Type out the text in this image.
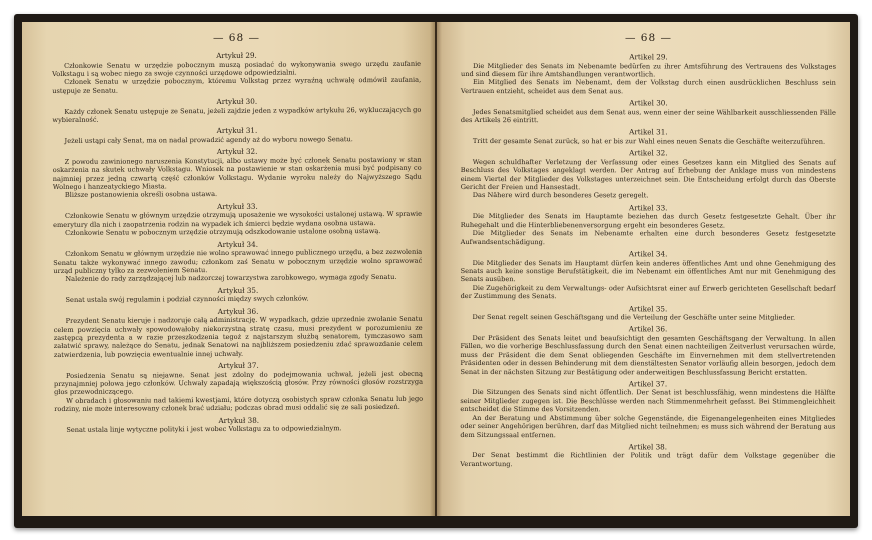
— 68 —
Artykuł 29.

Członkowie Senatu w urzędzie pobocznym muszą posiadać do wykonywania swego urzędu zaufanie Volkstagu i są wobec niego za swoje czynności urzędowe odpowiedzialni.

Członek Senatu w urzędzie pobocznym, któremu Volkstag przez wyraźną uchwałę odmówił zaufania, ustępuje ze Senatu.

Artykuł 30.

Każdy członek Senatu ustępuje ze Senatu, jeżeli zajdzie jeden z wypadków artykułu 26, wykluczających go wybieralność.

Artykuł 31.

Jeżeli ustąpi cały Senat, ma on nadal prowadzić agendy aż do wyboru nowego Senatu.

Artykuł 32.

Z powodu zawinionego naruszenia Konstytucji, albo ustawy może być członek Senatu postawiony w stan oskarżenia na skutek uchwały Volkstagu. Wniosek na postawienie w stan oskarżenia musi być podpisany co najmniej przez jedną czwartą część członków Volkstagu. Wydanie wyroku należy do Najwyższego Sądu Wolnego i hanzeatyckiego Miasta.

Bliższe postanowienia określi osobna ustawa.

Artykuł 33.

Członkowie Senatu w głównym urzędzie otrzymują uposażenie we wysokości ustalonej ustawą. W sprawie emerytury dla nich i zaopatrzenia rodzin na wypadek ich śmierci będzie wydana osobna ustawa.

Członkowie Senatu w pobocznym urzędzie otrzymują odszkodowanie ustalone osobną ustawą.

Artykuł 34.

Członkom Senatu w głównym urzędzie nie wolno sprawować innego publicznego urzędu, a bez zezwolenia Senatu także wykonywać innego zawodu; członkom zaś Senatu w pobocznym urzędzie wolno sprawować urząd publiczny tylko za zezwoleniem Senatu.

Należenie do rady zarządzającej lub nadzorczej towarzystwa zarobkowego, wymaga zgody Senatu.

Artykuł 35.

Senat ustala swój regulamin i podział czynności między swych członków.

Artykuł 36.

Prezydent Senatu kieruje i nadzoruje całą administrację. W wypadkach, gdzie uprzednie zwołanie Senatu celem powzięcia uchwały spowodowałoby niekorzystną stratę czasu, musi prezydent w porozumieniu ze zastępcą prezydenta a w razie przeszkodzenia tegoż z najstarszym służbą senatorem, tymczasowo sam załatwić sprawy, należące do Senatu, jednak Senatowi na najbliższem posiedzeniu zdać sprawozdanie celem zatwierdzenia, lub powzięcia ewentualnie innej uchwały.

Artykuł 37.

Posiedzenia Senatu są niejawne. Senat jest zdolny do podejmowania uchwał, jeżeli jest obecną przynajmniej połowa jego członków. Uchwały zapadają większością głosów. Przy równości głosów rozstrzyga głos przewodniczącego.

W obradach i głosowaniu nad takiemi kwestjami, które dotyczą osobistych spraw członka Senatu lub jego rodziny, nie może interesowany członek brać udziału; podczas obrad musi oddalić się ze sali posiedzeń.

Artykuł 38.

Senat ustala linje wytyczne polityki i jest wobec Volkstagu za to odpowiedzialnym.

— 68 —
Artikel 29.

Die Mitglieder des Senats im Nebenamte bedürfen zu ihrer Amtsführung des Vertrauens des Volkstages und sind diesem für ihre Amtshandlungen verantwortlich.

Ein Mitglied des Senats im Nebenamt, dem der Volkstag durch einen ausdrücklichen Beschluss sein Vertrauen entzieht, scheidet aus dem Senat aus.

Artikel 30.

Jedes Senatsmitglied scheidet aus dem Senat aus, wenn einer der seine Wählbarkeit ausschliessenden Fälle des Artikels 26 eintritt.

Artikel 31.

Tritt der gesamte Senat zurück, so hat er bis zur Wahl eines neuen Senats die Geschäfte weiterzuführen.

Artikel 32.

Wegen schuldhafter Verletzung der Verfassung oder eines Gesetzes kann ein Mitglied des Senats auf Beschluss des Volkstages angeklagt werden. Der Antrag auf Erhebung der Anklage muss von mindestens einem Viertel der Mitglieder des Volkstages unterzeichnet sein. Die Entscheidung erfolgt durch das Oberste Gericht der Freien und Hansestadt.

Das Nähere wird durch besonderes Gesetz geregelt.

Artikel 33.

Die Mitglieder des Senats im Hauptamte beziehen das durch Gesetz festgesetzte Gehalt. Über ihr Ruhegehalt und die Hinterbliebenenversorgung ergeht ein besonderes Gesetz.

Die Mitglieder des Senats im Nebenamte erhalten eine durch besonderes Gesetz festgesetzte Aufwandsentschädigung.

Artikel 34.

Die Mitglieder des Senats im Hauptamt dürfen kein anderes öffentliches Amt und ohne Genehmigung des Senats auch keine sonstige Berufstätigkeit, die im Nebenamt ein öffentliches Amt nur mit Genehmigung des Senats ausüben.

Die Zugehörigkeit zu dem Verwaltungs- oder Aufsichtsrat einer auf Erwerb gerichteten Gesellschaft bedarf der Zustimmung des Senats.

Artikel 35.

Der Senat regelt seinen Geschäftsgang und die Verteilung der Geschäfte unter seine Mitglieder.

Artikel 36.

Der Präsident des Senats leitet und beaufsichtigt den gesamten Geschäftsgang der Verwaltung. In allen Fällen, wo die vorherige Beschlussfassung durch den Senat einen nachteiligen Zeitverlust verursachen würde, muss der Präsident die dem Senat obliegenden Geschäfte im Einvernehmen mit dem stellvertretenden Präsidenten oder in dessen Behinderung mit dem dienstältesten Senator vorläufig allein besorgen, jedoch dem Senat in der nächsten Sitzung zur Bestätigung oder anderweitigen Beschlussfassung Bericht erstatten.

Artikel 37.

Die Sitzungen des Senats sind nicht öffentlich. Der Senat ist beschlussfähig, wenn mindestens die Hälfte seiner Mitglieder zugegen ist. Die Beschlüsse werden nach Stimmenmehrheit gefasst. Bei Stimmengleichheit entscheidet die Stimme des Vorsitzenden.

An der Beratung und Abstimmung über solche Gegenstände, die Eigenangelegenheiten eines Mitgliedes oder seiner Angehörigen berühren, darf das Mitglied nicht teilnehmen; es muss sich während der Beratung aus dem Sitzungssaal entfernen.

Artikel 38.

Der Senat bestimmt die Richtlinien der Politik und trägt dafür dem Volkstage gegenüber die Verantwortung.
